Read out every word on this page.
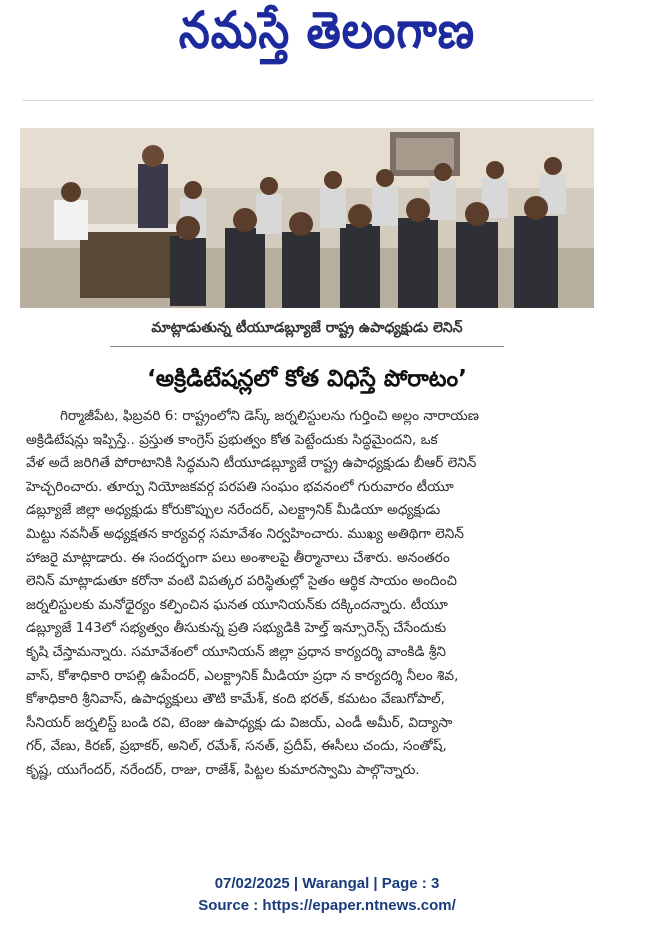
నమస్తే తెలంగాణ
మాట్లాడుతున్న టీయూడబ్ల్యూజే రాష్ట్ర ఉపాధ్యక్షుడు లెనిన్
‘అక్రిడిటేషన్లలో కోత విధిస్తే పోరాటం’
గిర్మాజీపేట, ఫిబ్రవరి 6: రాష్ట్రంలోని డెస్క్ జర్నలిస్టులను గుర్తించి అల్లం నారాయణ
అక్రిడిటేషన్లు ఇప్పిస్తే.. ప్రస్తుత కాంగ్రెస్ ప్రభుత్వం కోత పెట్టేందుకు సిద్ధమైందని, ఒక
వేళ అదే జరిగితే పోరాటానికి సిద్ధమని టీయూడబ్ల్యూజే రాష్ట్ర ఉపాధ్యక్షుడు బీఆర్ లెనిన్
హెచ్చరించారు. తూర్పు నియోజకవర్గ పరపతి సంఘం భవనంలో గురువారం టీయూ
డబ్ల్యూజే జిల్లా అధ్యక్షుడు కోరుకొప్పుల నరేందర్, ఎలక్ట్రానిక్ మీడియా అధ్యక్షుడు
మిట్టు నవనీత్ అధ్యక్షతన కార్యవర్గ సమావేశం నిర్వహించారు. ముఖ్య అతిథిగా లెనిన్
హాజరై మాట్లాడారు. ఈ సందర్భంగా పలు అంశాలపై తీర్మానాలు చేశారు. అనంతరం
లెనిన్ మాట్లాడుతూ కరోనా వంటి విపత్కర పరిస్థితుల్లో సైతం ఆర్థిక సాయం అందించి
జర్నలిస్టులకు మనోధైర్యం కల్పించిన ఘనత యూనియన్‌కు దక్కిందన్నారు. టీయూ
డబ్ల్యూజే 143లో సభ్యత్వం తీసుకున్న ప్రతి సభ్యుడికి హెల్త్ ఇన్సూరెన్స్ చేసేందుకు
కృషి చేస్తామన్నారు. సమావేశంలో యూనియన్ జిల్లా ప్రధాన కార్యదర్శి వాంకిడి శ్రీని
వాస్, కోశాధికారి రాపల్లి ఉపేందర్, ఎలక్ట్రానిక్ మీడియా ప్రధా న కార్యదర్శి నీలం శివ,
కోశాధికారి శ్రీనివాస్, ఉపాధ్యక్షులు తౌటి కామేశ్, కంది భరత్, కమటం వేణుగోపాల్,
సీనియర్ జర్నలిస్ట్ బండి రవి, టెంజు ఉపాధ్యక్షు డు విజయ్, ఎండీ అమీర్, విద్యాసా
గర్, వేణు, కిరణ్, ప్రభాకర్, అనిల్, రమేశ్, సనత్, ప్రదీప్, ఈసీలు చందు, సంతోష్,
కృష్ణ, యుగేందర్, నరేందర్, రాజు, రాజేశ్, పిట్టల కుమారస్వామి పాల్గొన్నారు.
07/02/2025 | Warangal | Page : 3
Source : https://epaper.ntnews.com/
